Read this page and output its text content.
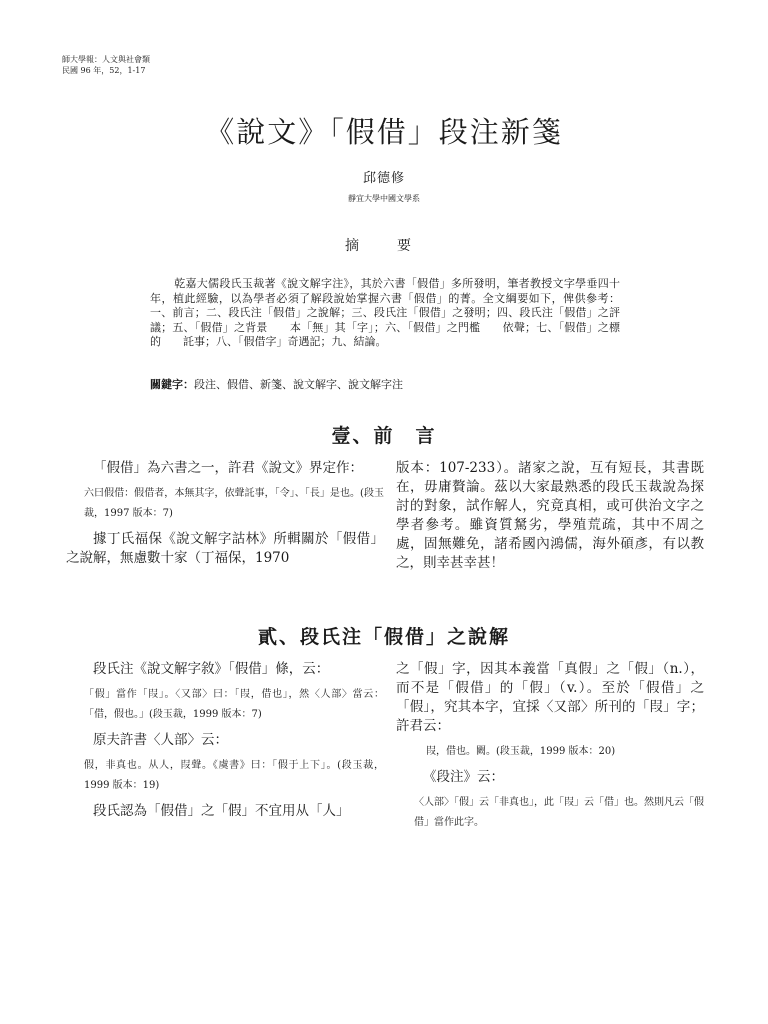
師大學報：人文與社會類
民國 96 年，52，1-17
《說文》「假借」段注新箋
邱德修
靜宜大學中國文學系
摘　要

乾嘉大儒段氏玉裁著《說文解字注》，其於六書「假借」多所發明，筆者教授文字學垂四十年，植此經驗，以為學者必須了解段說始掌握六書「假借」的菁。全文綱要如下，俾供參考：一、前言；二、段氏注「假借」之說解；三、段氏注「假借」之發明；四、段氏注「假借」之評議；五、「假借」之背景　　本「無」其「字」；六、「假借」之門檻　　依聲；七、「假借」之標的　　託事；八、「假借字」奇遇記；九、結論。

關鍵字：段注、假借、新箋、說文解字、說文解字注
壹、前　言

「假借」為六書之一，許君《說文》界定作：

六曰假借：假借者，本無其字，依聲託事，「令」、「長」是也。(段玉裁，1997 版本：7)

據丁氏福保《說文解字詁林》所輯關於「假借」之說解，無慮數十家（丁福保，1970

版本：107-233）。諸家之說，互有短長，其書既在，毋庸贅論。茲以大家最熟悉的段氏玉裁說為探討的對象，試作解人，究竟真相，或可供治文字之學者參考。雖資質駑劣，學殖荒疏，其中不周之處，固無難免，諸希國內鴻儒，海外碩彥，有以教之，則幸甚幸甚！

貳、段氏注「假借」之說解

段氏注《說文解字敘》「假借」條，云：

「假」當作「叚」。〈又部〉曰：「叚，借也」，然〈人部〉當云：「借，假也。」(段玉裁，1999 版本：7)

原夫許書〈人部〉云：

假，非真也。从人，叚聲。《虞書》曰：「假于上下」。(段玉裁，1999 版本：19)

段氏認為「假借」之「假」不宜用从「人」

之「假」字，因其本義當「真假」之「假」（n.），而不是「假借」的「假」（v.）。至於「假借」之「假」，究其本字，宜採〈又部〉所刊的「叚」字；許君云：

叚，借也。闕。(段玉裁，1999 版本：20)

《段注》云：

〈人部〉「假」云「非真也」，此「叚」云「借」也。然則凡云「假借」當作此字。
